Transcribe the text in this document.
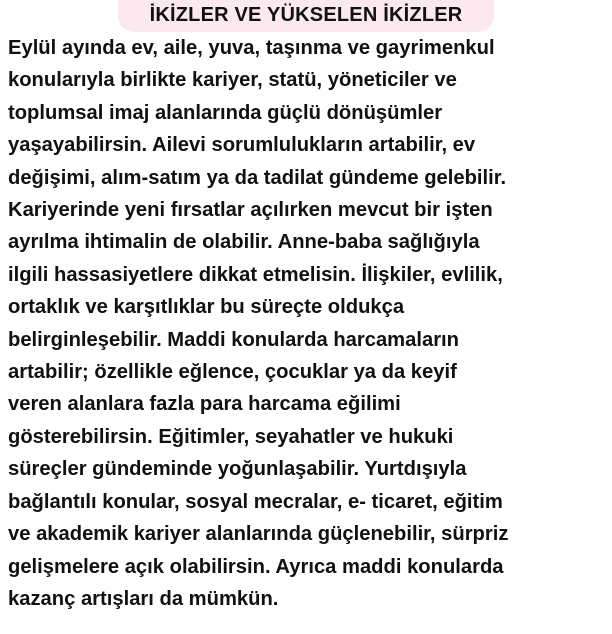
İKİZLER VE YÜKSELEN İKİZLER
Eylül ayında ev, aile, yuva, taşınma ve gayrimenkul
konularıyla birlikte kariyer, statü, yöneticiler ve
toplumsal imaj alanlarında güçlü dönüşümler
yaşayabilirsin. Ailevi sorumlulukların artabilir, ev
değişimi, alım-satım ya da tadilat gündeme gelebilir.
Kariyerinde yeni fırsatlar açılırken mevcut bir işten
ayrılma ihtimalin de olabilir. Anne-baba sağlığıyla
ilgili hassasiyetlere dikkat etmelisin. İlişkiler, evlilik,
ortaklık ve karşıtlıklar bu süreçte oldukça
belirginleşebilir. Maddi konularda harcamaların
artabilir; özellikle eğlence, çocuklar ya da keyif
veren alanlara fazla para harcama eğilimi
gösterebilirsin. Eğitimler, seyahatler ve hukuki
süreçler gündeminde yoğunlaşabilir. Yurtdışıyla
bağlantılı konular, sosyal mecralar, e- ticaret, eğitim
ve akademik kariyer alanlarında güçlenebilir, sürpriz
gelişmelere açık olabilirsin. Ayrıca maddi konularda
kazanç artışları da mümkün.
